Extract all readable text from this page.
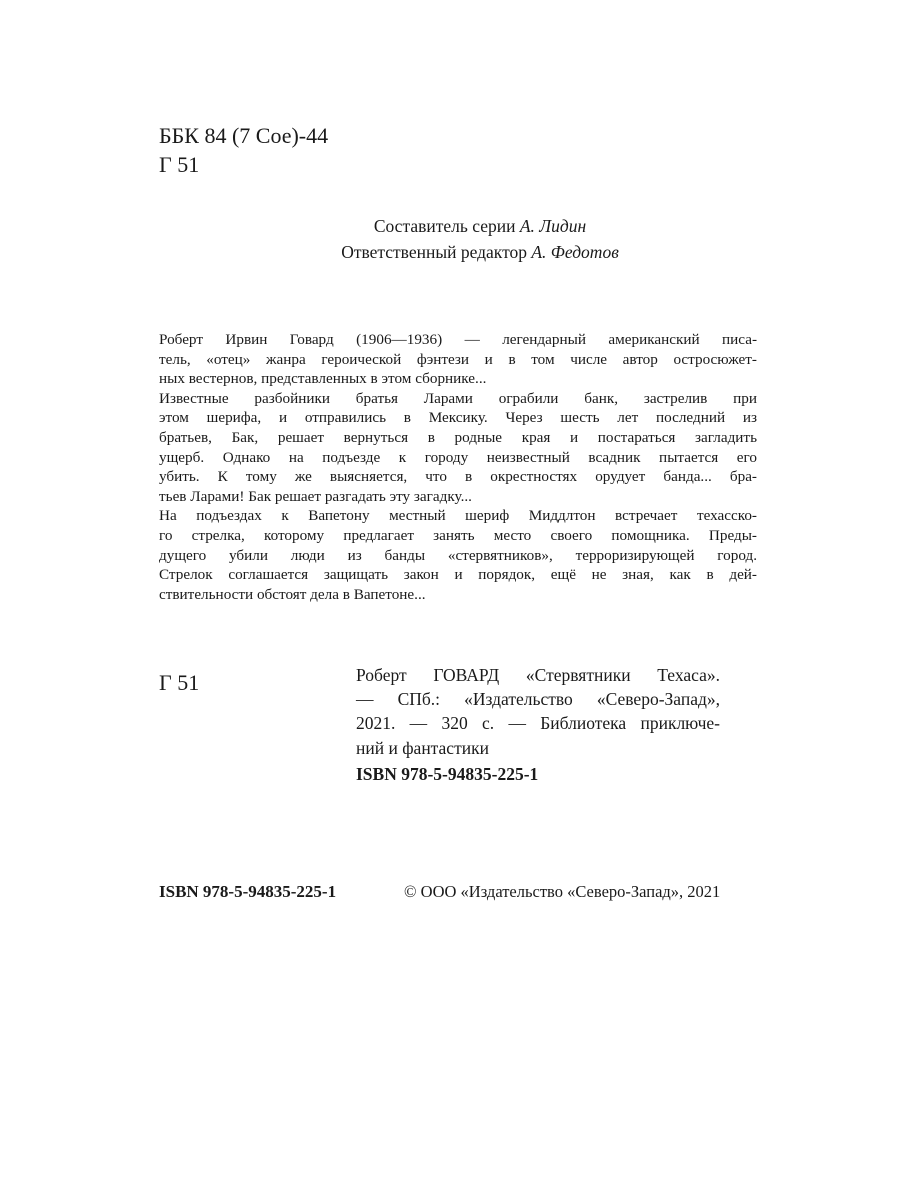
ББК 84 (7 Сое)-44
Г 51
Составитель серии А. Лидин
Ответственный редактор А. Федотов
Роберт Ирвин Говард (1906—1936) — легендарный американский писа-
тель, «отец» жанра героической фэнтези и в том числе автор остросюжет-
ных вестернов, представленных в этом сборнике...
Известные разбойники братья Ларами ограбили банк, застрелив при
этом шерифа, и отправились в Мексику. Через шесть лет последний из
братьев, Бак, решает вернуться в родные края и постараться загладить
ущерб. Однако на подъезде к городу неизвестный всадник пытается его
убить. К тому же выясняется, что в окрестностях орудует банда... бра-
тьев Ларами! Бак решает разгадать эту загадку...
На подъездах к Вапетону местный шериф Миддлтон встречает техасско-
го стрелка, которому предлагает занять место своего помощника. Преды-
дущего убили люди из банды «стервятников», терроризирующей город.
Стрелок соглашается защищать закон и порядок, ещё не зная, как в дей-
ствительности обстоят дела в Вапетоне...
Г 51	Роберт ГОВАРД «Стервятники Техаса».
— СПб.: «Издательство «Северо-Запад»,
2021. — 320 с. — Библиотека приключе-
ний и фантастики
ISBN 978-5-94835-225-1
ISBN 978-5-94835-225-1	© ООО «Издательство «Северо-Запад», 2021
